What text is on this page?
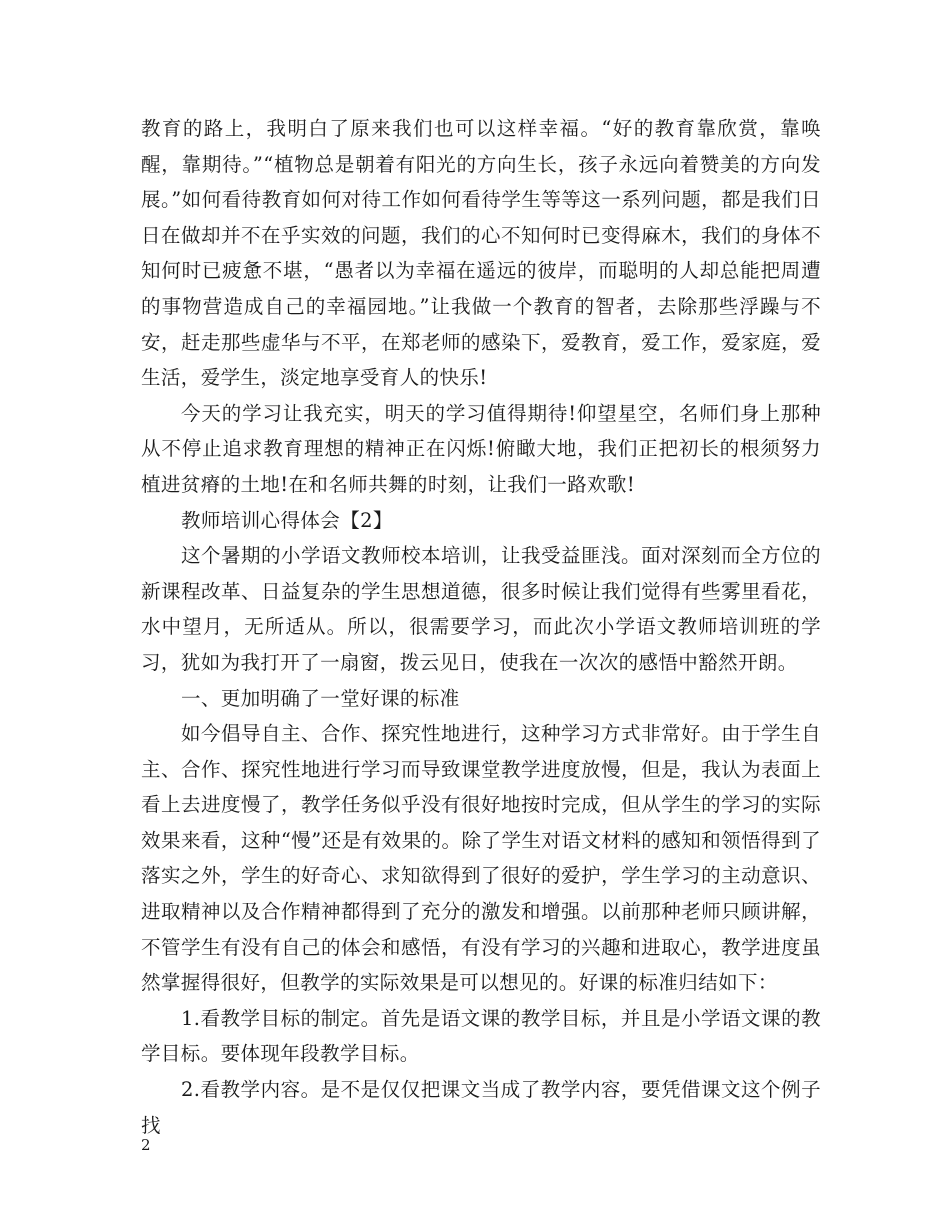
教育的路上，我明白了原来我们也可以这样幸福。“好的教育靠欣赏，靠唤醒，靠期待。”“植物总是朝着有阳光的方向生长，孩子永远向着赞美的方向发展。”如何看待教育如何对待工作如何看待学生等等这一系列问题，都是我们日日在做却并不在乎实效的问题，我们的心不知何时已变得麻木，我们的身体不知何时已疲惫不堪，“愚者以为幸福在遥远的彼岸，而聪明的人却总能把周遭的事物营造成自己的幸福园地。”让我做一个教育的智者，去除那些浮躁与不安，赶走那些虚华与不平，在郑老师的感染下，爱教育，爱工作，爱家庭，爱生活，爱学生，淡定地享受育人的快乐!

今天的学习让我充实，明天的学习值得期待!仰望星空，名师们身上那种从不停止追求教育理想的精神正在闪烁!俯瞰大地，我们正把初长的根须努力植进贫瘠的土地!在和名师共舞的时刻，让我们一路欢歌!

教师培训心得体会【2】

这个暑期的小学语文教师校本培训，让我受益匪浅。面对深刻而全方位的新课程改革、日益复杂的学生思想道德，很多时候让我们觉得有些雾里看花，水中望月，无所适从。所以，很需要学习，而此次小学语文教师培训班的学习，犹如为我打开了一扇窗，拨云见日，使我在一次次的感悟中豁然开朗。

一、更加明确了一堂好课的标准

如今倡导自主、合作、探究性地进行，这种学习方式非常好。由于学生自主、合作、探究性地进行学习而导致课堂教学进度放慢，但是，我认为表面上看上去进度慢了，教学任务似乎没有很好地按时完成，但从学生的学习的实际效果来看，这种“慢”还是有效果的。除了学生对语文材料的感知和领悟得到了落实之外，学生的好奇心、求知欲得到了很好的爱护，学生学习的主动意识、进取精神以及合作精神都得到了充分的激发和增强。以前那种老师只顾讲解，不管学生有没有自己的体会和感悟，有没有学习的兴趣和进取心，教学进度虽然掌握得很好，但教学的实际效果是可以想见的。好课的标准归结如下：

1.看教学目标的制定。首先是语文课的教学目标，并且是小学语文课的教学目标。要体现年段教学目标。

2.看教学内容。是不是仅仅把课文当成了教学内容，要凭借课文这个例子找

2
